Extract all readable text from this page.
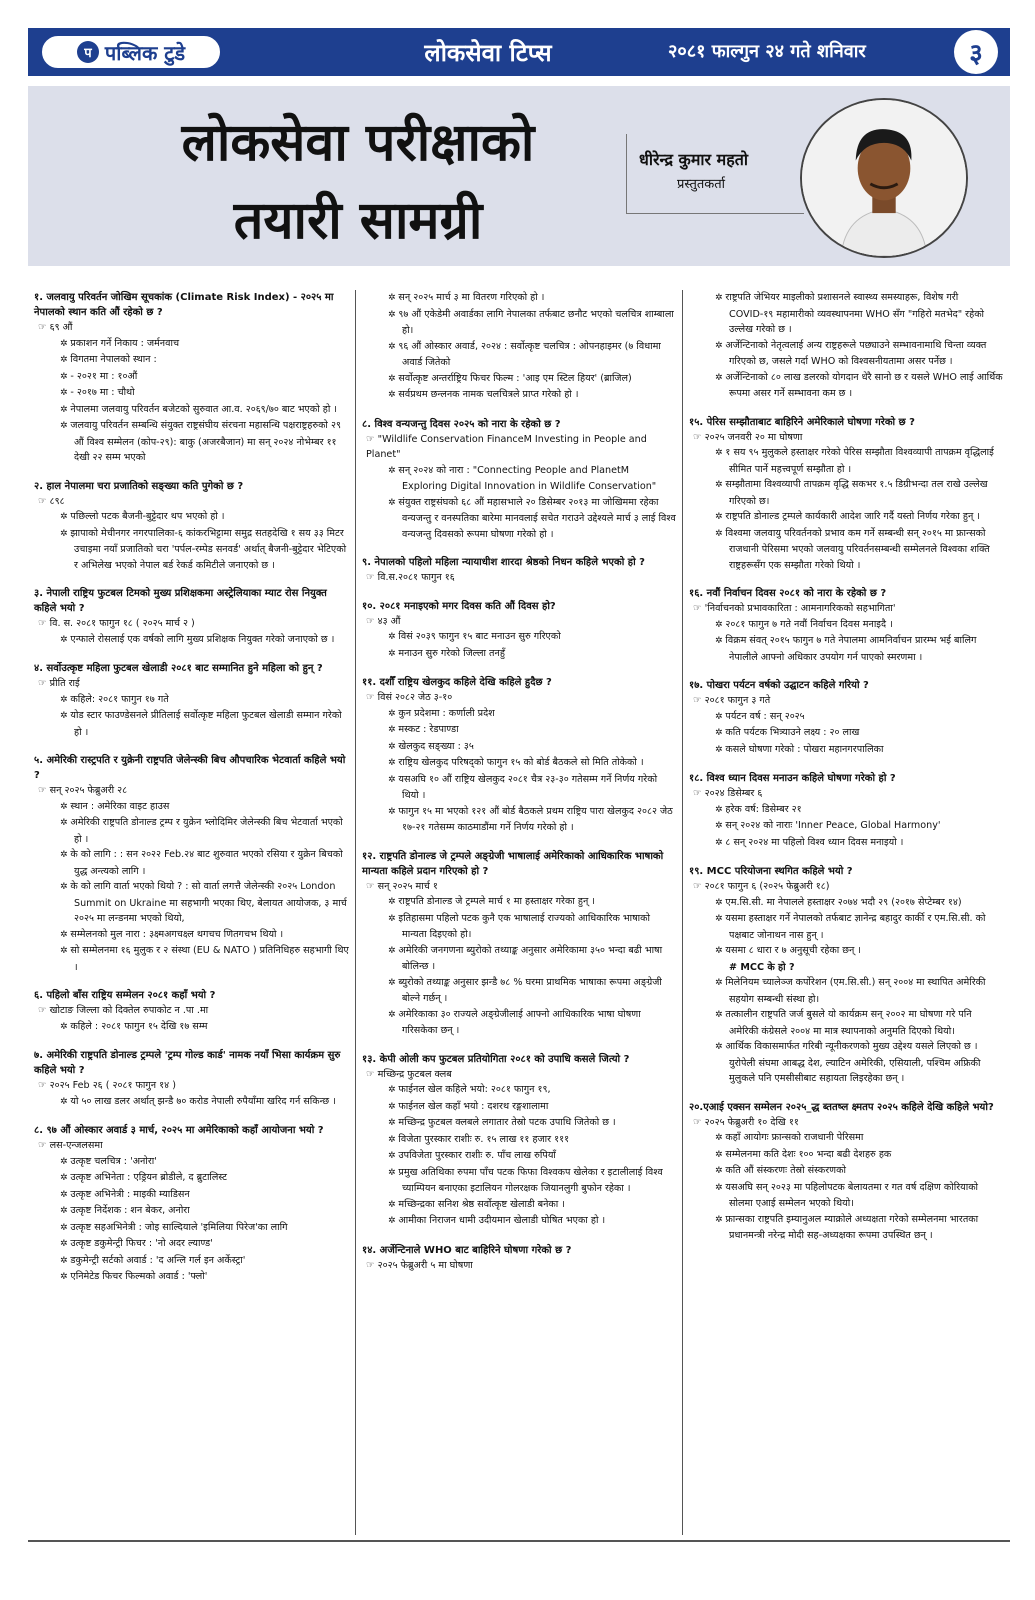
प पब्लिक टुडे	लोकसेवा टिप्स	२०८१ फाल्गुन २४ गते शनिवार	३
लोकसेवा परीक्षाको
तयारी सामग्री
धीरेन्द्र कुमार महतो
प्रस्तुतकर्ता
१. जलवायु परिवर्तन जोखिम सूचकांक (Climate Risk Index) - २०२५ मा नेपालको स्थान कति औं रहेको छ ?
☞ ६९ औं
✲ प्रकाशन गर्ने निकाय : जर्मनवाच
✲ विगतमा नेपालको स्थान :
✲ - २०२१ मा : १०औं
✲ - २०१७ मा : चौथो
✲ नेपालमा जलवायु परिवर्तन बजेटको सुरुवात आ.व. २०६९/७० बाट भएको हो ।
✲ जलवायु परिवर्तन सम्बन्धि संयुक्त राष्ट्रसंघीय संरचना महासन्धि पक्षराष्ट्रहरुको २९ औं विश्व सम्मेलन (कोप-२९): बाकु (अजरबैजान) मा सन् २०२४ नोभेम्बर ११ देखी २२ सम्म भएको
२. हाल नेपालमा चरा प्रजातिको सङ्ख्या कति पुगेको छ ?
☞ ८९८
✲ पछिल्लो पटक बैजनी-बुट्टेदार थप भएको हो ।
✲ झापाको मेचीनगर नगरपालिका-६ कांकरभिट्टामा समुद्र सतहदेखि १ सय ३३ मिटर उचाइमा नयाँ प्रजातिको चरा 'पर्पल-रम्पेड सनवर्ड' अर्थात् बैजनी-बुट्टेदार भेटिएको र अभिलेख भएको नेपाल बर्ड रेकर्ड कमिटीले जनाएको छ ।
३. नेपाली राष्ट्रिय फुटबल टिमको मुख्य प्रशिक्षकमा अस्ट्रेलियाका म्याट रोस नियुक्त कहिले भयो ?
☞ वि. स. २०८१ फागुन १८ ( २०२५ मार्च २ )
✲ एन्फाले रोसलाई एक वर्षको लागि मुख्य प्रशिक्षक नियुक्त गरेको जनाएको छ ।
४. सर्वोउत्कृष्ट महिला फुटबल खेलाडी २०८१ बाट सम्मानित हुने महिला को हुन् ?
☞ प्रीति राई
✲ कहिले: २०८१ फागुन १७ गते
✲ योड स्टार फाउण्डेसनले प्रीतिलाई सर्वोत्कृष्ट महिला फुटबल खेलाडी सम्मान गरेको हो ।
५. अमेरिकी रास्ट्रपति र युक्रेनी राष्ट्रपति जेलेन्स्की बिच औपचारिक भेटवार्ता कहिले भयो ?
☞ सन् २०२५ फेब्रुअरी २८
✲ स्थान : अमेरिका वाइट हाउस
✲ अमेरिकी राष्ट्रपति डोनाल्ड ट्रम्प र युक्रेन भ्लोदिमिर जेलेन्स्की बिच भेटवार्ता भएको हो ।
✲ के को लागि : : सन २०२२ Feb.२४ बाट शुरुवात भएको रसिया र युक्रेन बिचको युद्ध अन्त्यको लागि ।
✲ के को लागि वार्ता भएको थियो ? : सो वार्ता लगत्तै जेलेन्स्की २०२५ London Summit on Ukraine मा सहभागी भएका थिए, बेलायत आयोजक, ३ मार्च २०२५ मा लन्डनमा भएको थियो,
✲ सम्मेलनको मुल नारा : ३क्ष्मअगचक्ष्ल थगचच णितगचभ थियो ।
✲ सो सम्मेलनमा १६ मुलुक र २ संस्था (EU & NATO ) प्रतिनिधिहरु सहभागी थिए ।
६. पहिलो बाँस राष्ट्रिय सम्मेलन २०८१ कहाँ भयो ?
☞ खोटाङ जिल्ला को दिक्तेल रुपाकोट न .पा .मा
✲ कहिले : २०८१ फागुन १५ देखि १७ सम्म
७. अमेरिकी राष्ट्रपति डोनाल्ड ट्रम्पले 'ट्रम्प गोल्ड कार्ड' नामक नयाँ भिसा कार्यक्रम सुरु कहिले भयो ?
☞ २०२५ Feb २६ ( २०८१ फागुन १४ )
✲ यो ५० लाख डलर अर्थात् झन्डै ७० करोड नेपाली रुपैयाँमा खरिद गर्न सकिन्छ ।
८. ९७ औं ओस्कार अवार्ड ३ मार्च, २०२५ मा अमेरिकाको कहाँ आयोजना भयो ?
☞ लस-एन्जलसमा
✲ उत्कृष्ट चलचित्र : 'अनोरा'
✲ उत्कृष्ट अभिनेता : एड्रियन ब्रोडीले, द ब्रुटालिस्ट
✲ उत्कृष्ट अभिनेत्री : माइकी म्याडिसन
✲ उत्कृष्ट निर्देशक : शन बेकर, अनोरा
✲ उत्कृष्ट सहअभिनेत्री : जोइ साल्दियाले 'इमिलिया पिरेज'का लागि
✲ उत्कृष्ट डकुमेन्ट्री फिचर : 'नो अदर ल्याण्ड'
✲ डकुमेन्ट्री सर्टको अवार्ड : 'द अन्लि गर्ल इन अर्केस्ट्रा'
✲ एनिमेटेड फिचर फिल्मको अवार्ड : 'फ्लो'
✲ सन् २०२५ मार्च ३ मा वितरण गरिएको हो ।
✲ ९७ औं एकेडेमी अवार्डका लागि नेपालका तर्फबाट छनौट भएको चलचित्र शाम्बाला हो।
✲ ९६ औं ओस्कार अवार्ड, २०२४ : सर्वोत्कृष्ट चलचित्र : ओपनहाइमर (७ विधामा अवार्ड जितेको
✲ सर्वोत्कृष्ट अन्तर्राष्ट्रिय फिचर फिल्म : 'आइ एम स्टिल हियर' (ब्राजिल)
✲ सर्वप्रथम छन्लनक नामक चलचित्रले प्राप्त गरेको हो ।
८. विश्व वन्यजन्तु दिवस २०२५ को नारा के रहेको छ ?
☞ "Wildlife Conservation FinanceM Investing in People and Planet"
✲ सन् २०२४ को नारा : "Connecting People and PlanetM Exploring Digital Innovation in Wildlife Conservation"
✲ संयुक्त राष्ट्रसंघको ६८ औं महासभाले २० डिसेम्बर २०१३ मा जोखिममा रहेका वन्यजन्तु र वनस्पतिका बारेमा मानवलाई सचेत गराउने उद्देश्यले मार्च ३ लाई विश्व वन्यजन्तु दिवसको रूपमा घोषणा गरेको हो ।
९. नेपालको पहिलो महिला न्यायाधीश शारदा श्रेष्ठको निधन कहिले भएको हो ?
☞ वि.स.२०८१ फागुन १६
१०. २०८१ मनाइएको मगर दिवस कति औं दिवस हो?
☞ ४३ औं
✲ विसं २०३९ फागुन १५ बाट मनाउन सुरु गरिएको
✲ मनाउन सुरु गरेको जिल्ला तनहुँ
११. दशौँ राष्ट्रिय खेलकुद कहिले देखि कहिले हुदैछ ?
☞ विसं २०८२ जेठ ३-१०
✲ कुन प्रदेशमा : कर्णाली प्रदेश
✲ मस्कट : रेडपाण्डा
✲ खेलकुद सङ्ख्या : ३५
✲ राष्ट्रिय खेलकुद परिषद्को फागुन १५ को बोर्ड बैठकले सो मिति तोकेको ।
✲ यसअघि १० औं राष्ट्रिय खेलकुद २०८१ चैत्र २३-३० गतेसम्म गर्ने निर्णय गरेको थियो ।
✲ फागुन १५ मा भएको १२१ औं बोर्ड बैठकले प्रथम राष्ट्रिय पारा खेलकुद २०८२ जेठ १७-२१ गतेसम्म काठमाडौंमा गर्ने निर्णय गरेको हो ।
१२. राष्ट्रपति डोनाल्ड जे ट्रम्पले अङ्ग्रेजी भाषालाई अमेरिकाको आधिकारिक भाषाको मान्यता कहिले प्रदान गरिएको हो ?
☞ सन् २०२५ मार्च १
✲ राष्ट्रपति डोनाल्ड जे ट्रम्पले मार्च १ मा हस्ताक्षर गरेका हुन् ।
✲ इतिहासमा पहिलो पटक कुनै एक भाषालाई राज्यको आधिकारिक भाषाको मान्यता दिइएको हो।
✲ अमेरिकी जनगणना ब्युरोको तथ्याङ्क अनुसार अमेरिकामा ३५० भन्दा बढी भाषा बोलिन्छ ।
✲ ब्युरोको तथ्याङ्क अनुसार झन्डै ७८ % घरमा प्राथमिक भाषाका रूपमा अङ्ग्रेजी बोल्ने गर्छन् ।
✲ अमेरिकाका ३० राज्यले अङ्ग्रेजीलाई आफ्नो आधिकारिक भाषा घोषणा गरिसकेका छन् ।
१३. केपी ओली कप फुटबल प्रतियोगिता २०८१ को उपाधि कसले जित्यो ?
☞ मच्छिन्द्र फुटबल क्लब
✲ फाईनल खेल कहिले भयो: २०८१ फागुन १९,
✲ फाईनल खेल कहाँ भयो : दशरथ रङ्गशालामा
✲ मच्छिन्द्र फुटबल क्लबले लगातार तेस्रो पटक उपाधि जितेको छ ।
✲ विजेता पुरस्कार राशीः रु. १५ लाख ११ हजार १११
✲ उपविजेता पुरस्कार राशीः रु. पाँच लाख रुपियाँ
✲ प्रमुख अतिथिका रुपमा पाँच पटक फिफा विश्वकप खेलेका र इटालीलाई विश्व च्याम्पियन बनाएका इटालियन गोलरक्षक जियानलुगी बुफोन रहेका ।
✲ मच्छिन्द्रका सनिश श्रेष्ठ सर्वोत्कृष्ट खेलाडी बनेका ।
✲ आमीका निराजन धामी उदीयमान खेलाडी घोषित भएका हो ।
१४. अर्जेन्टिनाले WHO बाट बाहिरिने घोषणा गरेको छ ?
☞ २०२५ फेब्रुअरी ५ मा घोषणा
✲ राष्ट्रपति जेभियर माइलीको प्रशासनले स्वास्थ्य समस्याहरू, विशेष गरी COVID-१९ महामारीको व्यवस्थापनमा WHO सँग "गहिरो मतभेद" रहेको उल्लेख गरेको छ ।
✲ अर्जेन्टिनाको नेतृत्वलाई अन्य राष्ट्रहरूले पछ्याउने सम्भावनामाथि चिन्ता व्यक्त गरिएको छ, जसले गर्दा WHO को विश्वसनीयतामा असर पर्नेछ ।
✲ अर्जेन्टिनाको ८० लाख डलरको योगदान धेरै सानो छ र यसले WHO लाई आर्थिक रूपमा असर गर्ने सम्भावना कम छ ।
१५. पेरिस सम्झौताबाट बाहिरिने अमेरिकाले घोषणा गरेको छ ?
☞ २०२५ जनवरी २० मा घोषणा
✲ १ सय ९५ मुलुकले हस्ताक्षर गरेको पेरिस सम्झौता विश्वव्यापी तापक्रम वृद्धिलाई सीमित पार्ने महत्त्वपूर्ण सम्झौता हो ।
✲ सम्झौतामा विश्वव्यापी तापक्रम वृद्धि सकभर १.५ डिग्रीभन्दा तल राखे उल्लेख गरिएको छ।
✲ राष्ट्रपति डोनाल्ड ट्रम्पले कार्यकारी आदेश जारि गर्दै यस्तो निर्णय गरेका हुन् ।
✲ विश्वमा जलवायु परिवर्तनको प्रभाव कम गर्ने सम्बन्धी सन् २०१५ मा फ्रान्सको राजधानी पेरिसमा भएको जलवायु परिवर्तनसम्बन्धी सम्मेलनले विश्वका शक्ति राष्ट्रहरूसँग एक सम्झौता गरेको थियो ।
१६. नवौं निर्वाचन दिवस २०८१ को नारा के रहेको छ ?
☞ 'निर्वाचनको प्रभावकारिता : आमनागरिकको सहभागिता'
✲ २०८१ फागुन ७ गते नवौं निर्वाचन दिवस मनाइदै ।
✲ विक्रम संवत् २०१५ फागुन ७ गते नेपालमा आमनिर्वाचन प्रारम्भ भई बालिग नेपालीले आफ्नो अधिकार उपयोग गर्न पाएको स्मरणमा ।
१७. पोखरा पर्यटन वर्षको उद्घाटन कहिले गरियो ?
☞ २०८१ फागुन ३ गते
✲ पर्यटन वर्ष : सन् २०२५
✲ कति पर्यटक भित्र्याउने लक्ष्य : २० लाख
✲ कसले घोषणा गरेको : पोखरा महानगरपालिका
१८. विश्व ध्यान दिवस मनाउन कहिले घोषणा गरेको हो ?
☞ २०२४ डिसेम्बर ६
✲ हरेक वर्ष: डिसेम्बर २१
✲ सन् २०२४ को नाराः 'Inner Peace, Global Harmony'
✲ ८ सन् २०२४ मा पहिलो विश्व ध्यान दिवस मनाइयो ।
१९. MCC परियोजना स्थगित कहिले भयो ?
☞ २०८१ फागुन ६ (२०२५ फेब्रुअरी १८)
✲ एम.सि.सी. मा नेपालले हस्ताक्षर २०७४ भदौ २९ (२०१७ सेप्टेम्बर १४)
✲ यसमा हस्ताक्षर गर्ने नेपालको तर्फबाट ज्ञानेन्द्र बहादुर कार्की र एम.सि.सी. को पक्षबाट जोनाथन नास हुन् ।
✲ यसमा ८ धारा र ७ अनुसूची रहेका छन् ।
# MCC के हो ?
✲ मिलेनियम च्यालेञ्ज कर्पोरेशन (एम.सि.सी.) सन् २००४ मा स्थापित अमेरिकी सहयोग सम्बन्धी संस्था हो।
✲ तत्कालीन राष्ट्रपति जर्ज बुसले यो कार्यक्रम सन् २००२ मा घोषणा गरे पनि अमेरिकी कंग्रेसले २००४ मा मात्र स्थापनाको अनुमति दिएको थियो।
✲ आर्थिक विकासमार्फत गरिबी न्यूनीकरणको मुख्य उद्देश्य यसले लिएको छ । युरोपेली संघमा आबद्ध देश, ल्याटिन अमेरिकी, एसियाली, पश्चिम अफ्रिकी मुलुकले पनि एमसीसीबाट सहायता लिइरहेका छन् ।
२०.एआई एक्सन सम्मेलन २०२५_द्ध ब्ततष्ल क्ष्मतप २०२५ कहिले देखि कहिले भयो?
☞ २०२५ फेब्रुअरी १० देखि ११
✲ कहाँ आयोगः फ्रान्सको राजधानी पेरिसमा
✲ सम्मेलनमा कति देशः १०० भन्दा बढी देशहरु हक
✲ कति औं संस्करणः तेस्रो संस्करणको
✲ यसअघि सन् २०२३ मा पहिलोपटक बेलायतमा र गत वर्ष दक्षिण कोरियाको सोलमा एआई सम्मेलन भएको थियो।
✲ फ्रान्सका राष्ट्रपति इम्यानुअल म्याक्रोले अध्यक्षता गरेको सम्मेलनमा भारतका प्रधानमन्त्री नरेन्द्र मोदी सह-अध्यक्षका रूपमा उपस्थित छन् ।
